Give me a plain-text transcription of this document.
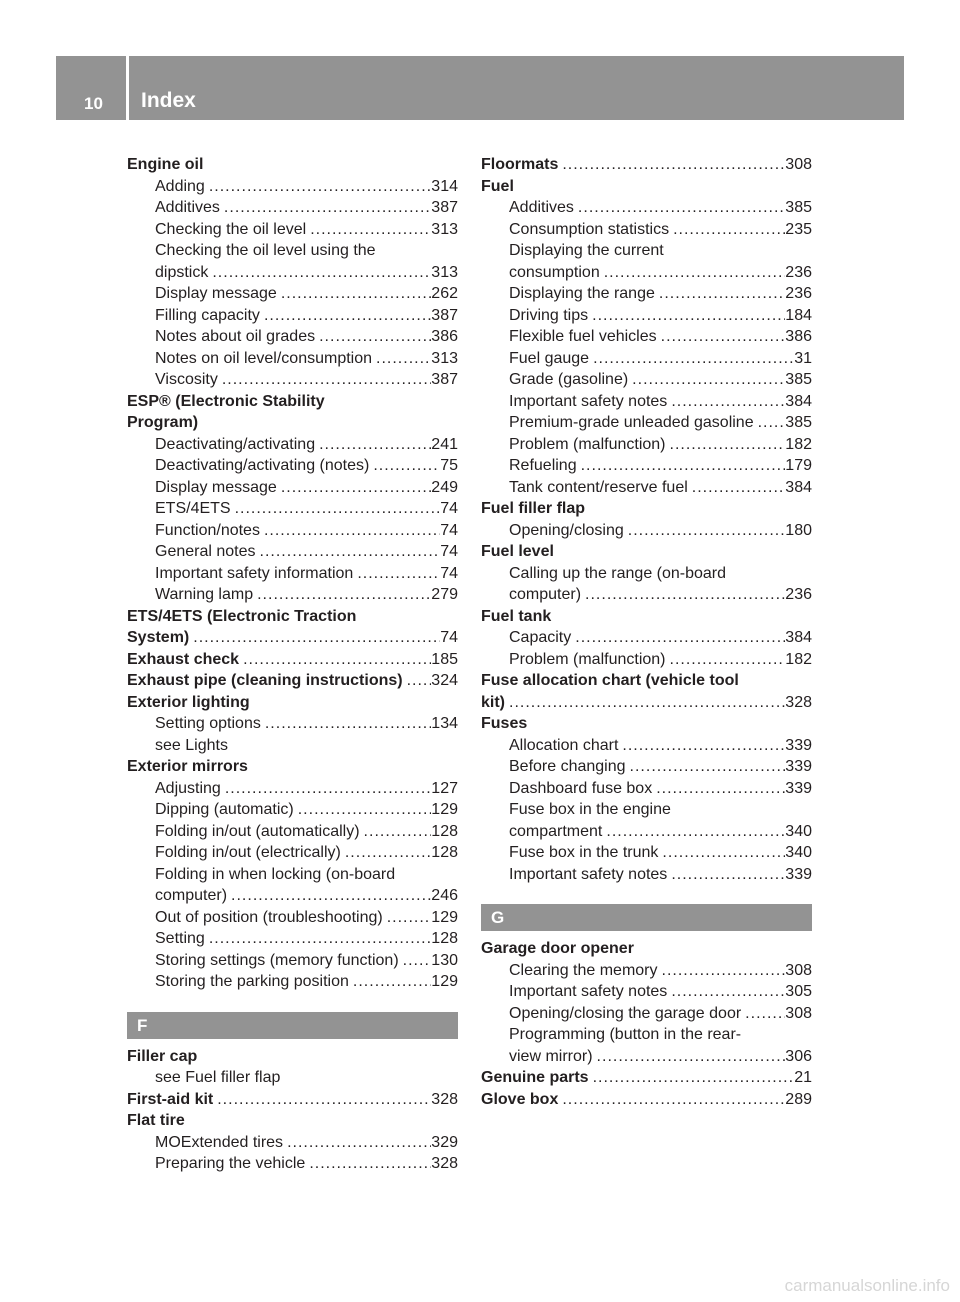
10 Index
Engine oil
Adding .....	314
Additives .....	387
Checking the oil level .....	313
Checking the oil level using the
dipstick .....	313
Display message .....	262
Filling capacity .....	387
Notes about oil grades .....	386
Notes on oil level/consumption .....	313
Viscosity .....	387
ESP® (Electronic Stability
Program)
Deactivating/activating .....	241
Deactivating/activating (notes) .....	75
Display message .....	249
ETS/4ETS .....	74
Function/notes .....	74
General notes .....	74
Important safety information .....	74
Warning lamp .....	279
ETS/4ETS (Electronic Traction
System) .....	74
Exhaust check .....	185
Exhaust pipe (cleaning instructions) ..... 324
Exterior lighting
Setting options .....	134
see Lights
Exterior mirrors
Adjusting .....	127
Dipping (automatic) .....	129
Folding in/out (automatically) .....	128
Folding in/out (electrically) .....	128
Folding in when locking (on-board
computer) .....	246
Out of position (troubleshooting) .....	129
Setting .....	128
Storing settings (memory function) ..... 130
Storing the parking position .....	129
F
Filler cap
see Fuel filler flap
First-aid kit .....	328
Flat tire
MOExtended tires .....	329
Preparing the vehicle .....	328
Floormats .....	308
Fuel
Additives .....	385
Consumption statistics .....	235
Displaying the current
consumption .....	236
Displaying the range .....	236
Driving tips .....	184
Flexible fuel vehicles .....	386
Fuel gauge .....	31
Grade (gasoline) .....	385
Important safety notes .....	384
Premium-grade unleaded gasoline ..... 385
Problem (malfunction) .....	182
Refueling .....	179
Tank content/reserve fuel .....	384
Fuel filler flap
Opening/closing .....	180
Fuel level
Calling up the range (on-board
computer) .....	236
Fuel tank
Capacity .....	384
Problem (malfunction) .....	182
Fuse allocation chart (vehicle tool
kit) .....	328
Fuses
Allocation chart .....	339
Before changing .....	339
Dashboard fuse box .....	339
Fuse box in the engine
compartment .....	340
Fuse box in the trunk .....	340
Important safety notes .....	339
G
Garage door opener
Clearing the memory .....	308
Important safety notes .....	305
Opening/closing the garage door .....	308
Programming (button in the rear-
view mirror) .....	306
Genuine parts .....	21
Glove box .....	289
carmanualsonline.info
